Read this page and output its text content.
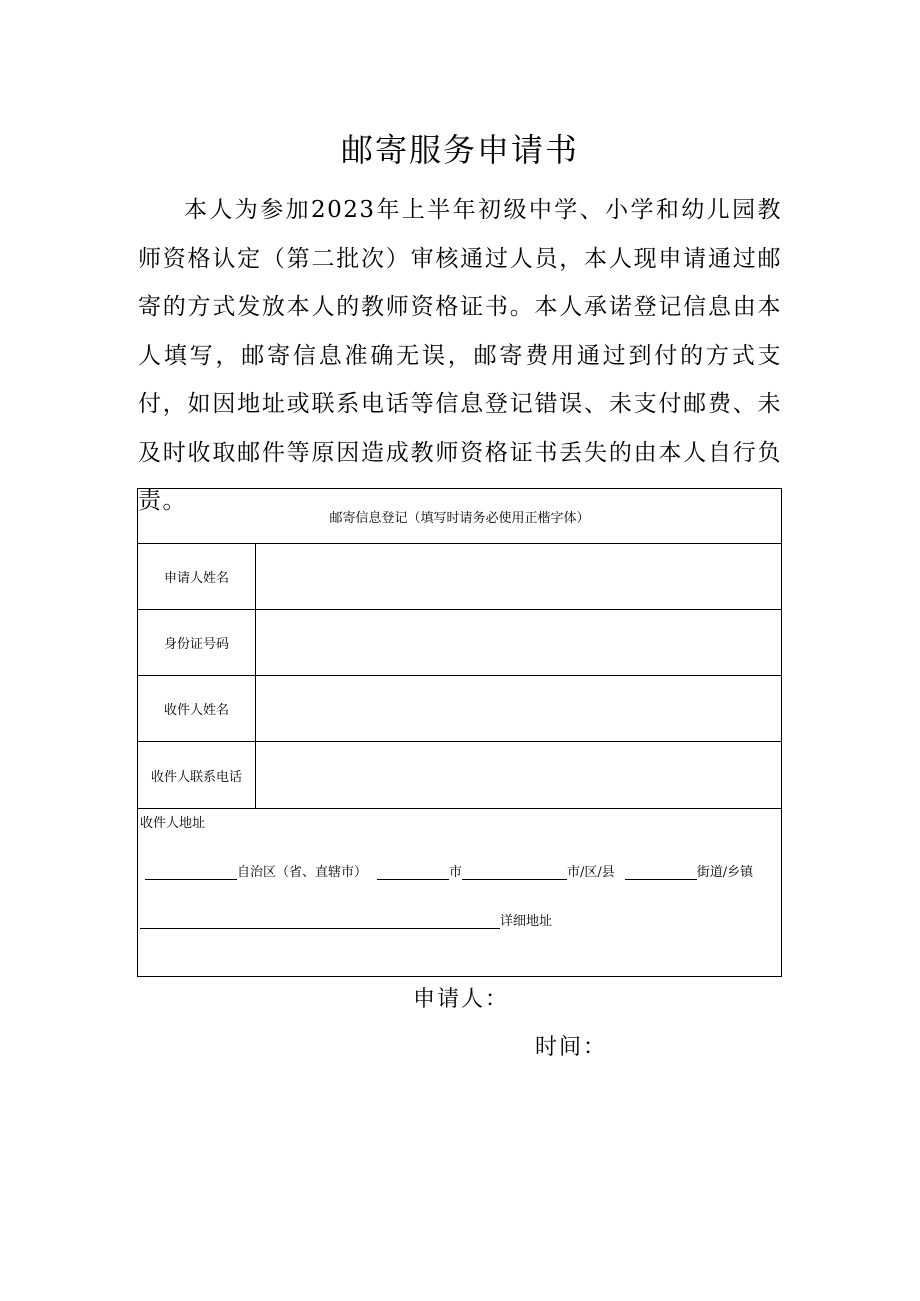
邮寄服务申请书

本人为参加2023年上半年初级中学、小学和幼儿园教师资格认定（第二批次）审核通过人员，本人现申请通过邮寄的方式发放本人的教师资格证书。本人承诺登记信息由本人填写，邮寄信息准确无误，邮寄费用通过到付的方式支付，如因地址或联系电话等信息登记错误、未支付邮费、未及时收取邮件等原因造成教师资格证书丢失的由本人自行负责。

邮寄信息登记（填写时请务必使用正楷字体）
申请人姓名
身份证号码
收件人姓名
收件人联系电话
收件人地址
自治区（省、直辖市）	市	市/区/县	街道/乡镇
详细地址
申请人：
时间：
